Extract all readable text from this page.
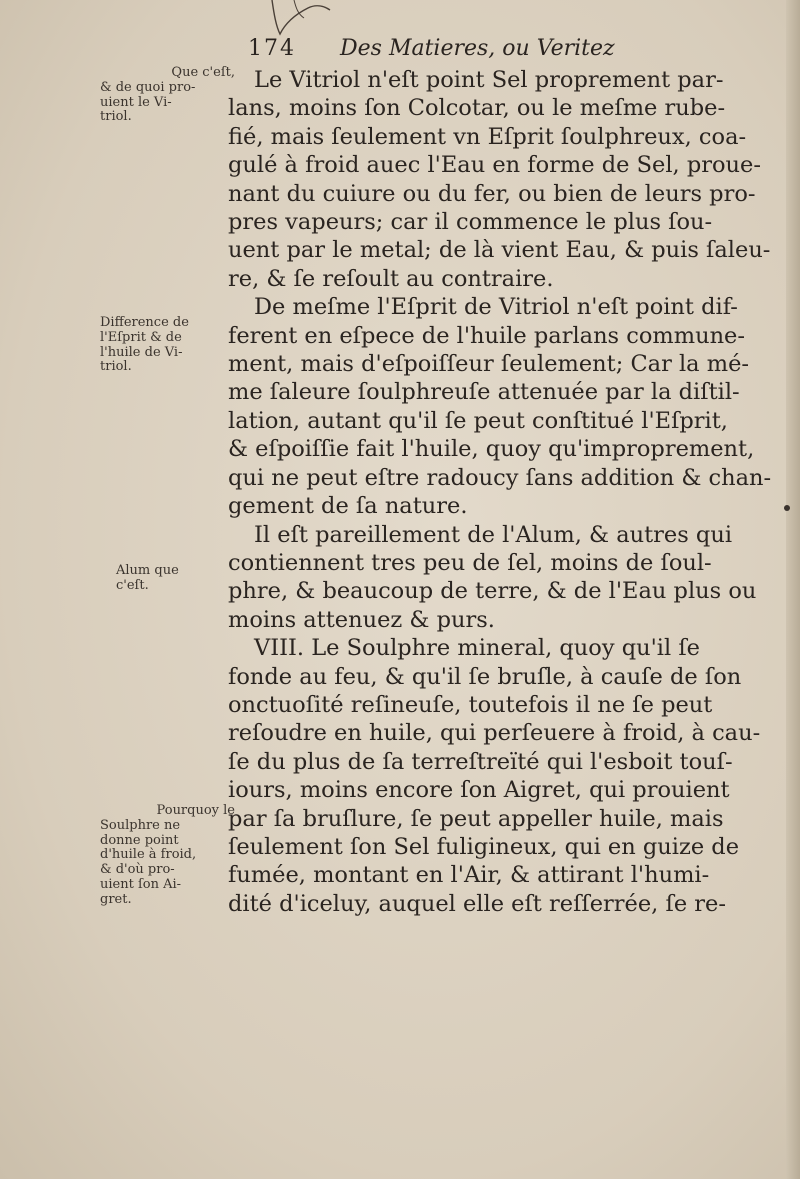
174 Des Matieres, ou Veritez
Que c'eſt,
& de quoi pro-
uient le Vi-
triol.
Difference de
l'Eſprit & de
l'huile de Vi-
triol.
Alum que
c'eſt.
Pourquoy le
Soulphre ne
donne point
d'huile à froid,
& d'où pro-
uient ſon Ai-
gret.

Le Vitriol n'eſt point Sel proprement par-
lans, moins ſon Colcotar, ou le meſme rube-
fié, mais ſeulement vn Eſprit ſoulphreux, coa-
gulé à froid auec l'Eau en forme de Sel, proue-
nant du cuiure ou du fer, ou bien de leurs pro-
pres vapeurs; car il commence le plus ſou-
uent par le metal; de là vient Eau, & puis ſaleu-
re, & ſe reſoult au contraire.

De meſme l'Eſprit de Vitriol n'eſt point dif-
ferent en eſpece de l'huile parlans commune-
ment, mais d'eſpoiſſeur ſeulement; Car la mé-
me ſaleure ſoulphreuſe attenuée par la diſtil-
lation, autant qu'il ſe peut conſtitué l'Eſprit,
& eſpoiſſie fait l'huile, quoy qu'improprement,
qui ne peut eſtre radoucy ſans addition & chan-
gement de ſa nature.

Il eſt pareillement de l'Alum, & autres qui
contiennent tres peu de ſel, moins de ſoul-
phre, & beaucoup de terre, & de l'Eau plus ou
moins attenuez & purs.

VIII. Le Soulphre mineral, quoy qu'il ſe
fonde au feu, & qu'il ſe bruſle, à cauſe de ſon
onctuoſité reſineuſe, toutefois il ne ſe peut
reſoudre en huile, qui perſeuere à froid, à cau-
ſe du plus de ſa terreſtreïté qui l'esboit touſ-
iours, moins encore ſon Aigret, qui prouient
par ſa bruſlure, ſe peut appeller huile, mais
ſeulement ſon Sel fuligineux, qui en guize de
fumée, montant en l'Air, & attirant l'humi-
dité d'iceluy, auquel elle eſt reſſerrée, ſe re-
